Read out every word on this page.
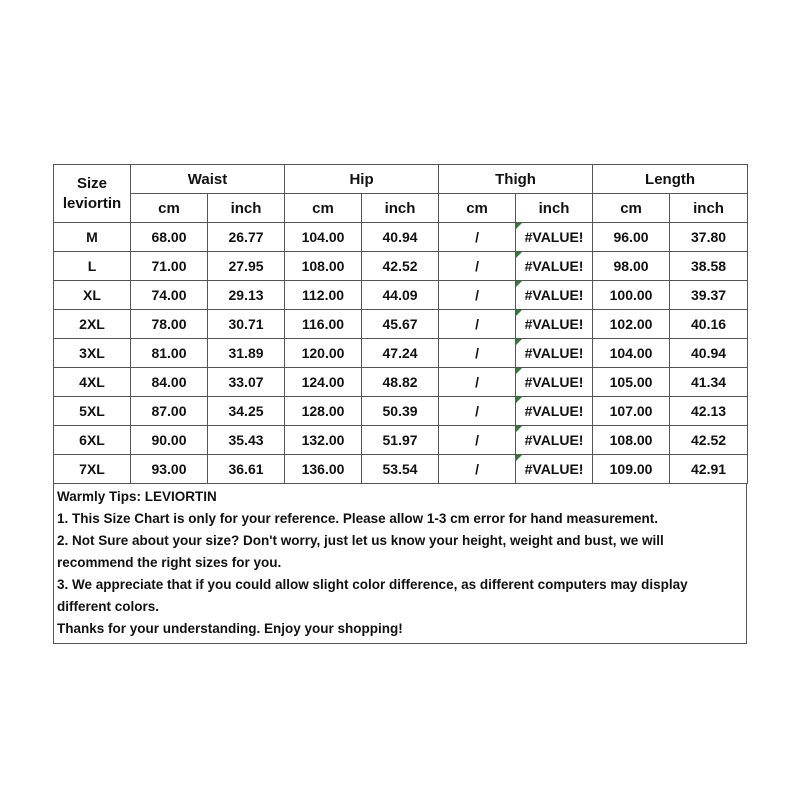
Size
leviortin	Waist		Hip		Thigh		Length	
	cm	inch	cm	inch	cm	inch	cm	inch
M	68.00	26.77	104.00	40.94	/	#VALUE!	96.00	37.80
L	71.00	27.95	108.00	42.52	/	#VALUE!	98.00	38.58
XL	74.00	29.13	112.00	44.09	/	#VALUE!	100.00	39.37
2XL	78.00	30.71	116.00	45.67	/	#VALUE!	102.00	40.16
3XL	81.00	31.89	120.00	47.24	/	#VALUE!	104.00	40.94
4XL	84.00	33.07	124.00	48.82	/	#VALUE!	105.00	41.34
5XL	87.00	34.25	128.00	50.39	/	#VALUE!	107.00	42.13
6XL	90.00	35.43	132.00	51.97	/	#VALUE!	108.00	42.52
7XL	93.00	36.61	136.00	53.54	/	#VALUE!	109.00	42.91

Warmly Tips: LEVIORTIN

1. This Size Chart is only for your reference. Please allow 1-3 cm error for hand measurement.

2. Not Sure about your size? Don't worry, just let us know your height, weight and bust, we will recommend the right sizes for you.

3. We appreciate that if you could allow slight color difference, as different computers may display different colors.

Thanks for your understanding. Enjoy your shopping!
